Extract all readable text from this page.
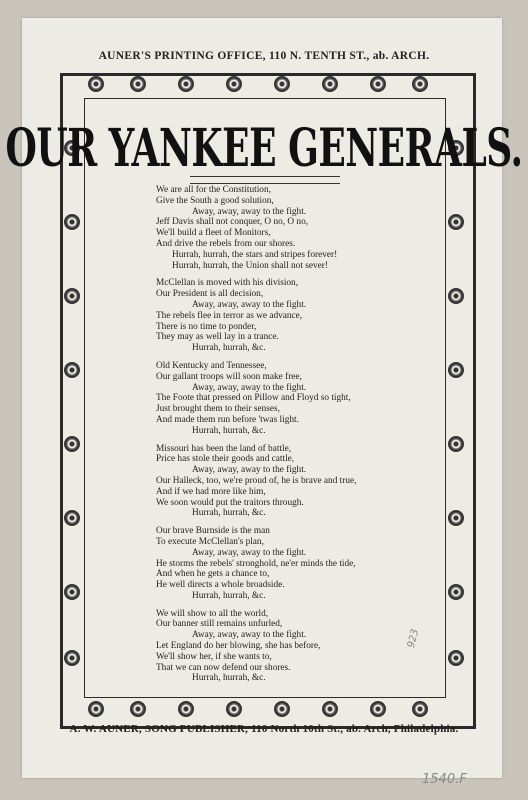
AUNER'S PRINTING OFFICE, 110 N. TENTH ST., ab. ARCH.
OUR YANKEE GENERALS.
We are all for the Constitution,
Give the South a good solution,
Away, away, away to the fight.
Jeff Davis shall not conquer, O no, O no,
We'll build a fleet of Monitors,
And drive the rebels from our shores.
Hurrah, hurrah, the stars and stripes forever!
Hurrah, hurrah, the Union shall not sever!
McClellan is moved with his division,
Our President is all decision,
Away, away, away to the fight.
The rebels flee in terror as we advance,
There is no time to ponder,
They may as well lay in a trance.
Hurrah, hurrah, &c.
Old Kentucky and Tennessee,
Our gallant troops will soon make free,
Away, away, away to the fight.
The Foote that pressed on Pillow and Floyd so tight,
Just brought them to their senses,
And made them run before 'twas light.
Hurrah, hurrah, &c.
Missouri has been the land of battle,
Price has stole their goods and cattle,
Away, away, away to the fight.
Our Halleck, too, we're proud of, he is brave and true,
And if we had more like him,
We soon would put the traitors through.
Hurrah, hurrah, &c.
Our brave Burnside is the man
To execute McClellan's plan,
Away, away, away to the fight.
He storms the rebels' stronghold, ne'er minds the tide,
And when he gets a chance to,
He well directs a whole broadside.
Hurrah, hurrah, &c.
We will show to all the world,
Our banner still remains unfurled,
Away, away, away to the fight.
Let England do her blowing, she has before,
We'll show her, if she wants to,
That we can now defend our shores.
Hurrah, hurrah, &c.
A. W. AUNER, SONG PUBLISHER, 110 North 10th St., ab. Arch, Philadelphia.
923
1540.F
